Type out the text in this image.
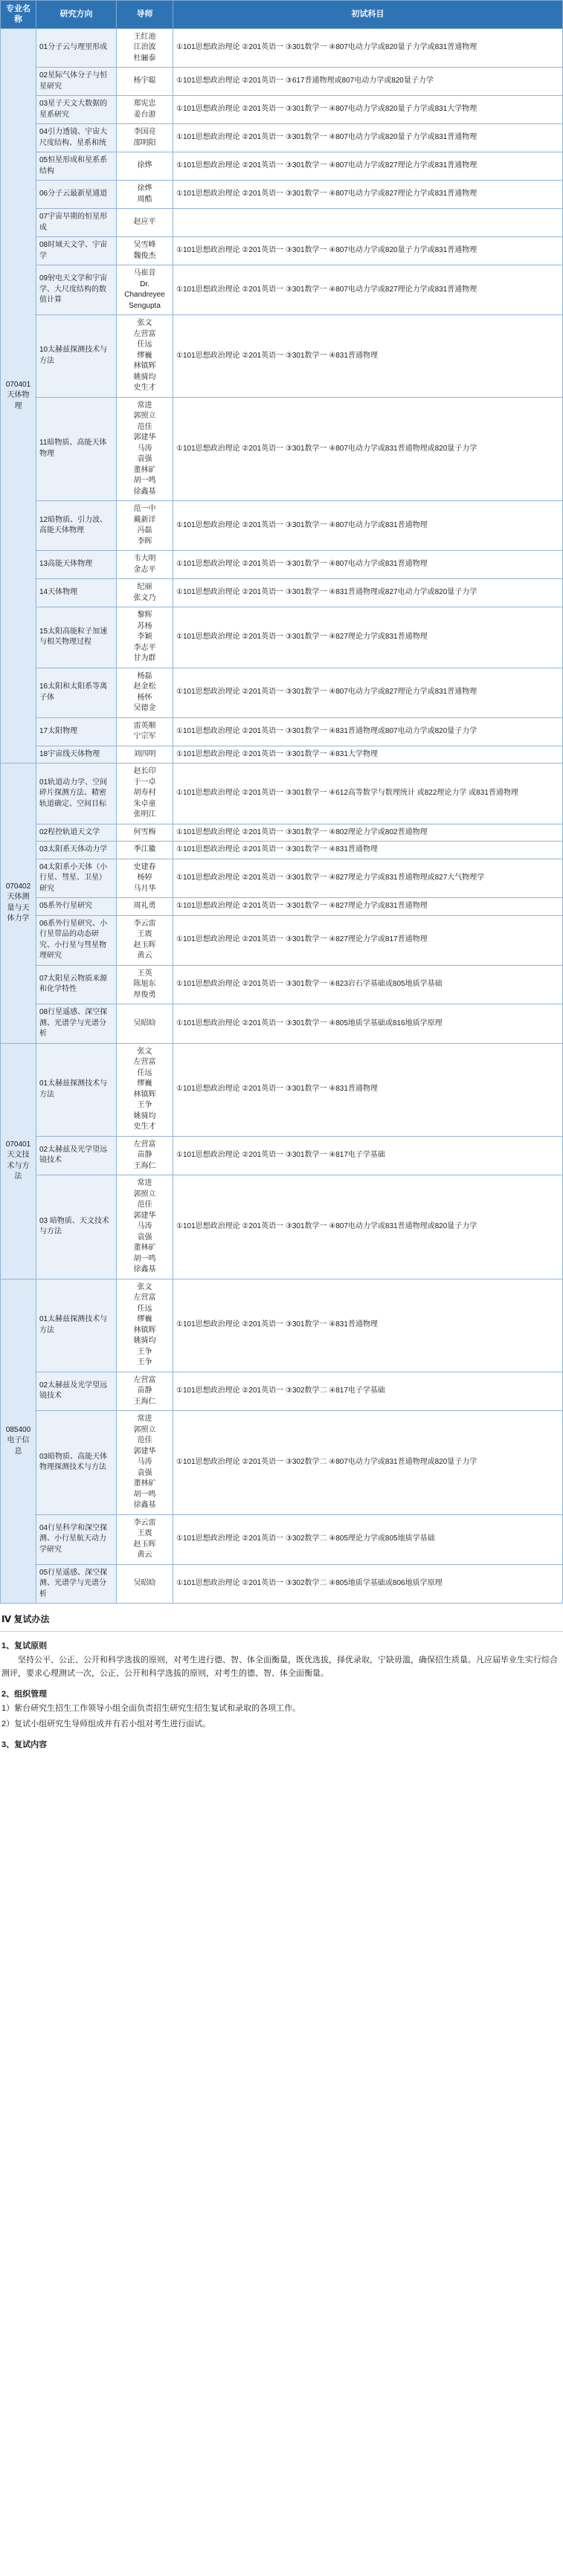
专业名称	研究方向	导师	初试科目
070401 天体物理	01分子云与理里形成	王红池
江治波
杜骊泰	①101思想政治理论 ②201英语一 ③301数学一 ④807电动力学或820量子力学或831普通物理
	02星际气体分子与恒星研究	杨宇聪	①101思想政治理论 ②201英语一 ③617普通物理或807电动力学或820量子力学
	03星子天文大数据的星系研究	郑宪忠
姜台游	①101思想政治理论 ②201英语一 ③301数学一 ④807电动力学或820量子力学或831大学物理
	04引力透镜、宇宙大尺度结构、星系和统	李国亮
邵明阳	①101思想政治理论 ②201英语一 ③301数学一 ④807电动力学或820量子力学或831普通物理
	05恒星形成和星系系结构	徐烨	①101思想政治理论 ②201英语一 ③301数学一 ④807电动力学或827理论力学或831普通物理
	06分子云最新星通道	徐烨
周酷	①101思想政治理论 ②201英语一 ③301数学一 ④807电动力学或827理论力学或831普通物理
	07宇宙早期的恒星形成	赵应平	
	08时域天文学、宇宙学	吴雪峰
魏俊杰	①101思想政治理论 ②201英语一 ③301数学一 ④807电动力学或820量子力学或831普通物理
	09射电天文学和宇宙学、大尺度结构的数值计算	马崔昔
Dr. Chandreyee Sengupta	①101思想政治理论 ②201英语一 ③301数学一 ④807电动力学或827理论力学或831普通物理
10太赫兹探测技术与方法	张文
左营富
任远
缪巍
林镇辉
姚骑均
史生才	①101思想政治理论 ②201英语一 ③301数学一 ④831普通物理
11暗物质、高能天体物理	常进
郭照立
范佳
郭建华
马涛
袁强
董林矿
胡一鸣
徐鑫基	①101思想政治理论 ②201英语一 ③301数学一 ④807电动力学或831普通物理或820量子力学
	12暗物质、引力波、高能天体物理	范一中
戴新洋
冯磊
李晖	①101思想政治理论 ②201英语一 ③301数学一 ④807电动力学或831普通物理
	13高能天体物理	韦大明
金志平	①101思想政治理论 ②201英语一 ③301数学一 ④807电动力学或831普通物理
	14天体物理	纪丽
张文乃	①101思想政治理论 ②201英语一 ③301数学一 ④831普通物理或827电动力学或820量子力学
	15太阳高能粒子加速与相关物理过程	黎辉
苏杨
李颖
李志平
甘为群	①101思想政治理论 ②201英语一 ③301数学一 ④827理论力学或831普通物理
	16太阳和太阳系等离子体	杨磊
赵金松
杨怀
吴德金	①101思想政治理论 ②201英语一 ③301数学一 ④807电动力学或827理论力学或831普通物理
	17太阳物理	雷英顺
宁宗军	①101思想政治理论 ②201英语一 ③301数学一 ④831普通物理或807电动力学或820量子力学
	18宇宙线天体物理	刘四明	①101思想政治理论 ②201英语一 ③301数学一 ④831大学物理
070402 天体测量与天体力学	01轨道动力学、空间碎片探测方法、精密轨道确定、空间目标	赵长印
于一卓
胡寿村
朱卓童
张明江	①101思想政治理论 ②201英语一 ③301数学一 ④612高等数学与数理统计 或822理论力学 或831普通物理
	02程控轨道天文学	何雪梅	①101思想政治理论 ②201英语一 ③301数学一 ④802理论力学或802普通物理
	03太阳系天体动力学	季江徽	①101思想政治理论 ②201英语一 ③301数学一 ④831普通物理
	04太阳系小天体（小行星、彗星、卫星）研究	史建春
杨婷
马月华	①101思想政治理论 ②201英语一 ③301数学一 ④827理论力学或831普通物理或827大气物理学
	05系外行星研究	周礼勇	①101思想政治理论 ②201英语一 ③301数学一 ④827理论力学或831普通物理
	06系外行星研究、小行星带品的动态研究、小行星与彗星物理研究	李云雷
王震
赵玉晖
黄云	①101思想政治理论 ②201英语一 ③301数学一 ④827理论力学或817普通物理
	07太阳星云物质来源和化学特性	王英
陈旭东
厚俊勇	①101思想政治理论 ②201英语一 ③301数学一 ④823岩石学基础或805地质学基础
	08行星遥感、深空探测、光谱学与光谱分析	吴昭晗	①101思想政治理论 ②201英语一 ③301数学一 ④805地质学基础或816地质学原理
070401 天文技术与方法	01太赫兹探测技术与方法	张文
左营富
任远
缪巍
林镇辉
王争
姚骑均
史生才	①101思想政治理论 ②201英语一 ③301数学一 ④831普通物理
	02太赫兹及光学望远镜技术	左营富
苗静
王海仁	①101思想政治理论 ②201英语一 ③301数学一 ④817电子学基础
03 暗物质、天文技术与方法	常进
郭照立
范佳
郭建华
马涛
袁强
董林矿
胡一鸣
徐鑫基	①101思想政治理论 ②201英语一 ③301数学一 ④807电动力学或831普通物理或820量子力学
085400 电子信息	01太赫兹探测技术与方法	张文
左营富
任远
缪巍
林镇辉
姚骑均
王争
王争	①101思想政治理论 ②201英语一 ③301数学一 ④831普通物理
	02太赫兹及光学望远镜技术	左营富
苗静
王海仁	①101思想政治理论 ②201英语一 ③302数学二 ④817电子学基础
03暗物质、高能天体物理探测技术与方法	常进
郭照立
范佳
郭建华
马涛
袁强
董林矿
胡一鸣
徐鑫基	①101思想政治理论 ②201英语一 ③302数学二 ④807电动力学或831普通物理或820量子力学
	04行星科学和深空探测、小行星航天动力学研究	李云雷
王震
赵玉晖
黄云	①101思想政治理论 ②201英语一 ③302数学二 ④805理论力学或805地质学基础
	05行星遥感、深空探测、光谱学与光谱分析	吴昭晗	①101思想政治理论 ②201英语一 ③302数学二 ④805地质学基础或806地质学原理
Ⅳ 复试办法
1、复试原则
坚持公平、公正、公开和科学选拔的原则，对考生进行德、智、体全面衡量，既优选拔，择优录取，宁缺毋滥，确保招生质量。凡应届毕业生实行综合测评，要求心理测试一次，公正、公开和科学选拔的原则，对考生的德、智、体全面衡量。
2、组织管理
1）紫台研究生招生工作领导小组全面负责招生研究生招生复试和录取的各项工作。
2）复试小组研究生导师组成并有若小组对考生进行面试。
3、复试内容
